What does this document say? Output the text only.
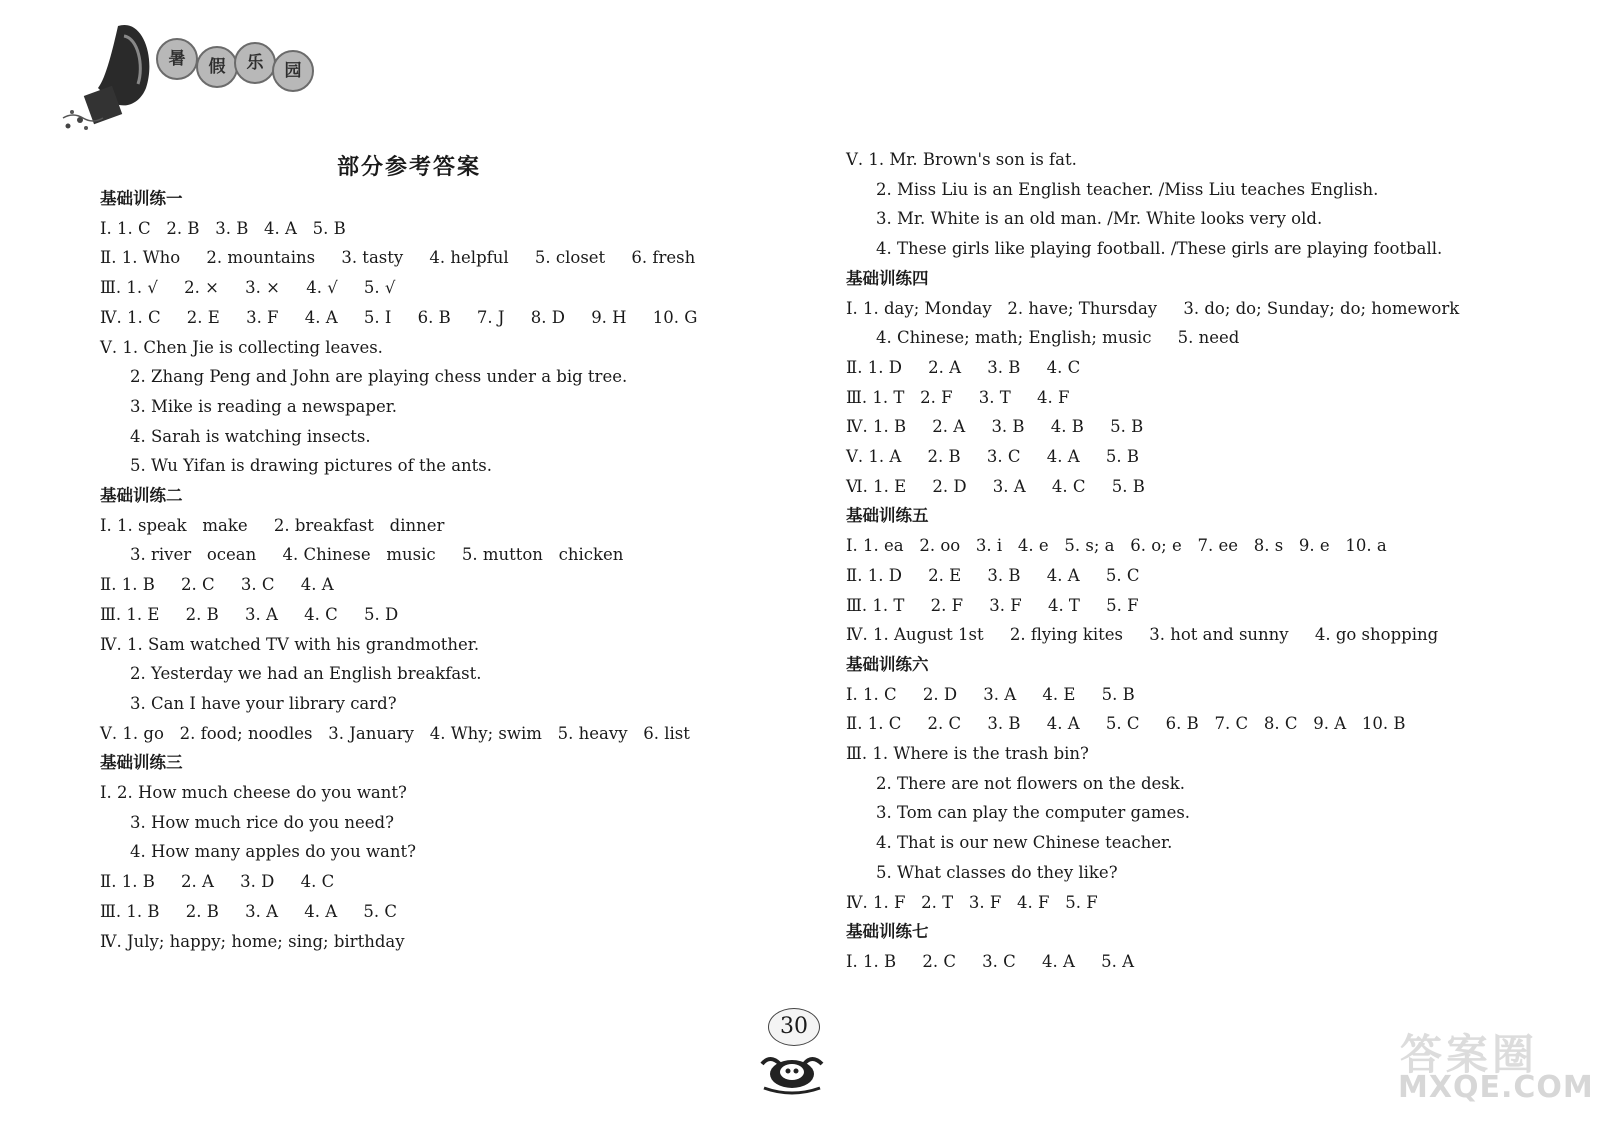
暑	假	乐	园
部分参考答案
基础训练一
Ⅰ. 1. C   2. B   3. B   4. A   5. B
Ⅱ. 1. Who     2. mountains     3. tasty     4. helpful     5. closet     6. fresh
Ⅲ. 1. √     2. ×     3. ×     4. √     5. √
Ⅳ. 1. C     2. E     3. F     4. A     5. I     6. B     7. J     8. D     9. H     10. G
Ⅴ. 1. Chen Jie is collecting leaves.
2. Zhang Peng and John are playing chess under a big tree.
3. Mike is reading a newspaper.
4. Sarah is watching insects.
5. Wu Yifan is drawing pictures of the ants.
基础训练二
Ⅰ. 1. speak   make     2. breakfast   dinner
3. river   ocean     4. Chinese   music     5. mutton   chicken
Ⅱ. 1. B     2. C     3. C     4. A
Ⅲ. 1. E     2. B     3. A     4. C     5. D
Ⅳ. 1. Sam watched TV with his grandmother.
2. Yesterday we had an English breakfast.
3. Can I have your library card?
Ⅴ. 1. go   2. food; noodles   3. January   4. Why; swim   5. heavy   6. list
基础训练三
Ⅰ. 2. How much cheese do you want?
3. How much rice do you need?
4. How many apples do you want?
Ⅱ. 1. B     2. A     3. D     4. C
Ⅲ. 1. B     2. B     3. A     4. A     5. C
Ⅳ. July; happy; home; sing; birthday
Ⅴ. 1. Mr. Brown's son is fat.
2. Miss Liu is an English teacher. /Miss Liu teaches English.
3. Mr. White is an old man. /Mr. White looks very old.
4. These girls like playing football. /These girls are playing football.
基础训练四
Ⅰ. 1. day; Monday   2. have; Thursday     3. do; do; Sunday; do; homework
4. Chinese; math; English; music     5. need
Ⅱ. 1. D     2. A     3. B     4. C
Ⅲ. 1. T   2. F     3. T     4. F
Ⅳ. 1. B     2. A     3. B     4. B     5. B
Ⅴ. 1. A     2. B     3. C     4. A     5. B
Ⅵ. 1. E     2. D     3. A     4. C     5. B
基础训练五
Ⅰ. 1. ea   2. oo   3. i   4. e   5. s; a   6. o; e   7. ee   8. s   9. e   10. a
Ⅱ. 1. D     2. E     3. B     4. A     5. C
Ⅲ. 1. T     2. F     3. F     4. T     5. F
Ⅳ. 1. August 1st     2. flying kites     3. hot and sunny     4. go shopping
基础训练六
Ⅰ. 1. C     2. D     3. A     4. E     5. B
Ⅱ. 1. C     2. C     3. B     4. A     5. C     6. B   7. C   8. C   9. A   10. B
Ⅲ. 1. Where is the trash bin?
2. There are not flowers on the desk.
3. Tom can play the computer games.
4. That is our new Chinese teacher.
5. What classes do they like?
Ⅳ. 1. F   2. T   3. F   4. F   5. F
基础训练七
Ⅰ. 1. B     2. C     3. C     4. A     5. A
30
答案圈
MXQE.COM
